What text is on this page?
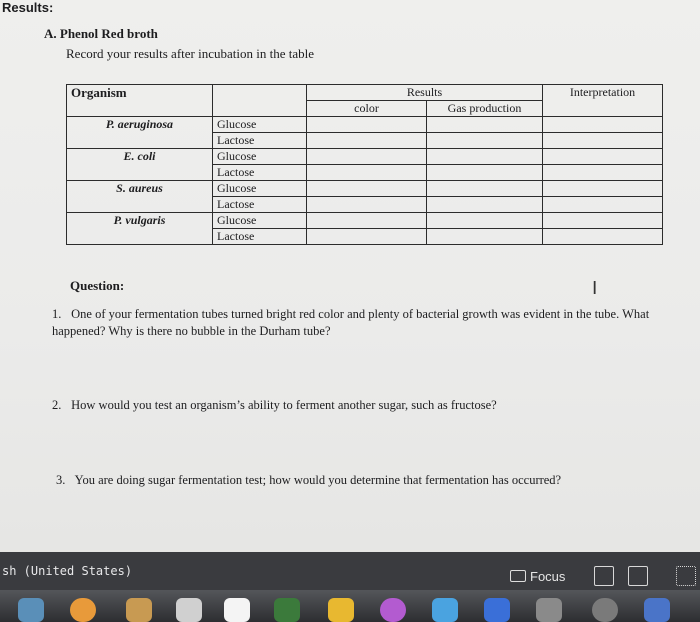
Results:
A. Phenol Red broth
Record your results after incubation in the table
Organism		Results		Interpretation
		color	Gas production	
P. aeruginosa	Glucose			
	Lactose			
E. coli	Glucose			
	Lactose			
S. aureus	Glucose			
	Lactose			
P. vulgaris	Glucose			
	Lactose			
Question:	I
1. One of your fermentation tubes turned bright red color and plenty of bacterial growth was evident in the tube. What happened? Why is there no bubble in the Durham tube?
2. How would you test an organism’s ability to ferment another sugar, such as fructose?
3. You are doing sugar fermentation test; how would you determine that fermentation has occurred?
sh (United States)	Focus
